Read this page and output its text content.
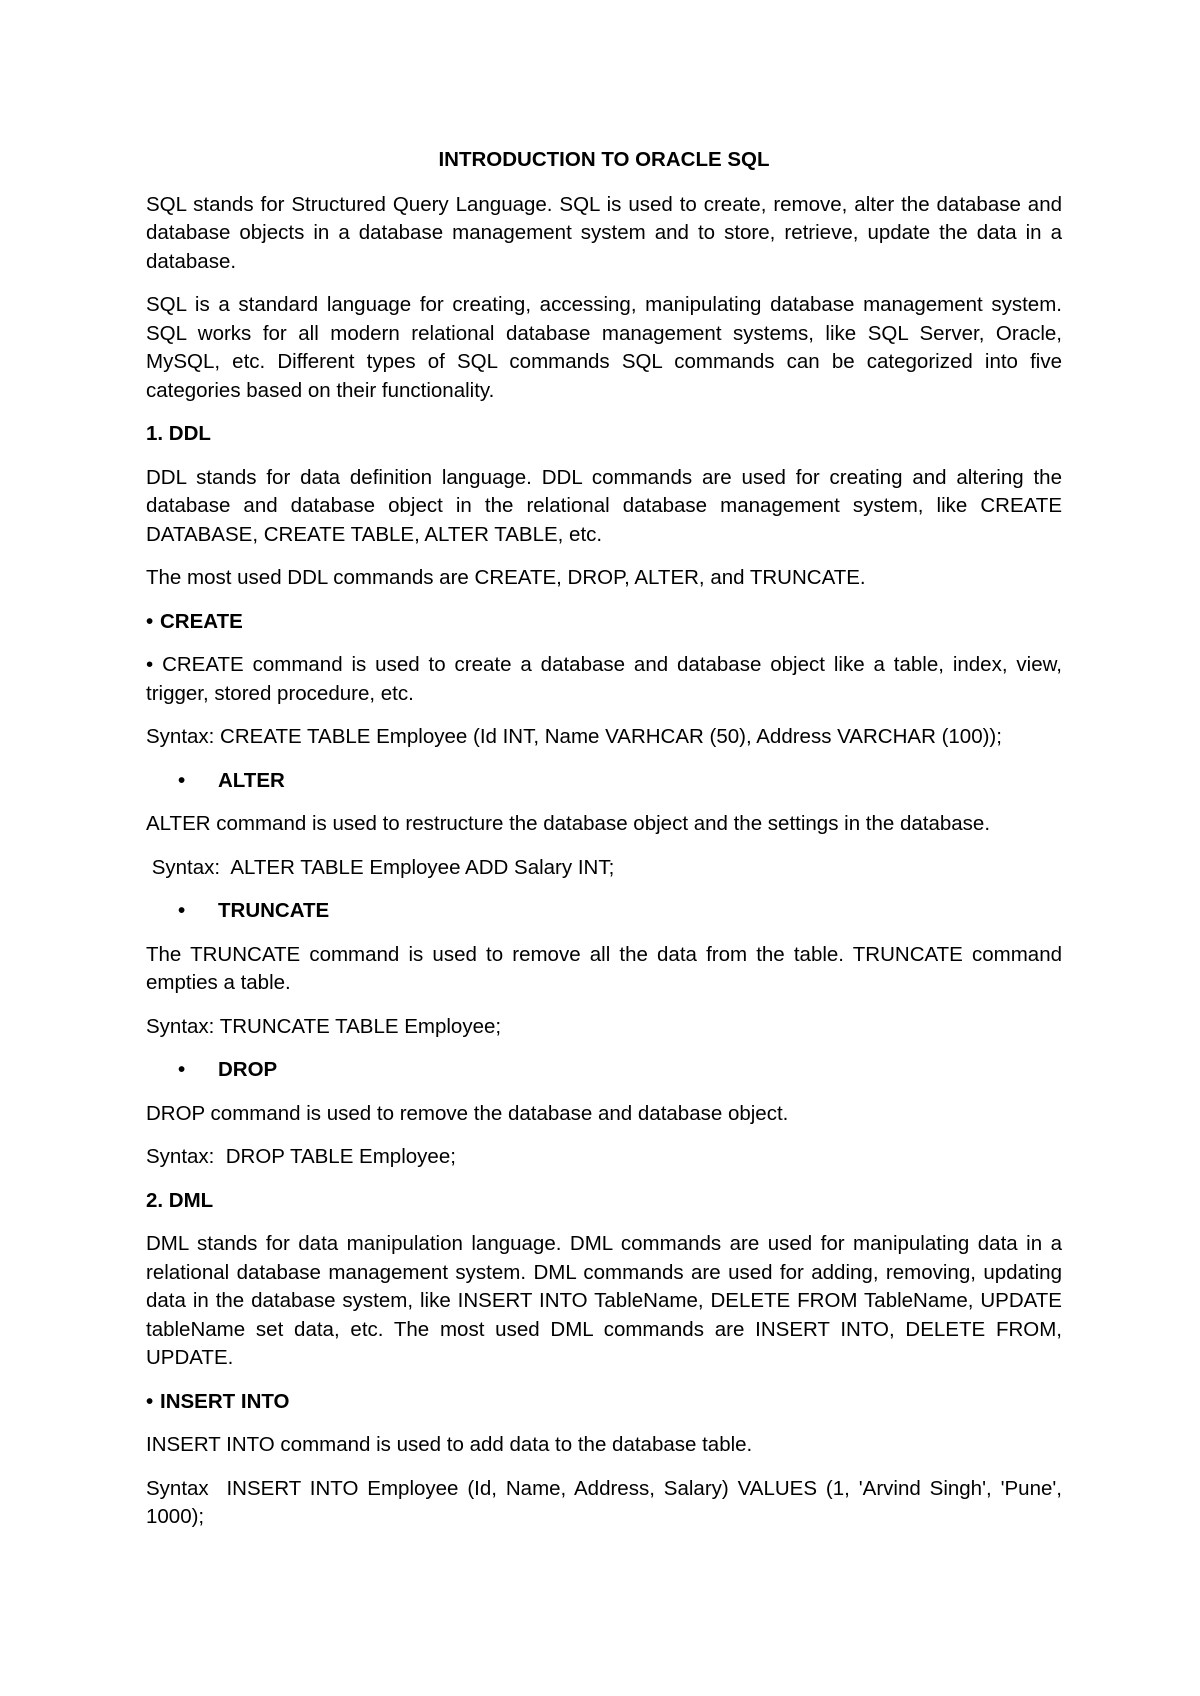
INTRODUCTION TO ORACLE SQL

SQL stands for Structured Query Language. SQL is used to create, remove, alter the database and database objects in a database management system and to store, retrieve, update the data in a database.

SQL is a standard language for creating, accessing, manipulating database management system. SQL works for all modern relational database management systems, like SQL Server, Oracle, MySQL, etc. Different types of SQL commands SQL commands can be categorized into five categories based on their functionality.

1. DDL

DDL stands for data definition language. DDL commands are used for creating and altering the database and database object in the relational database management system, like CREATE DATABASE, CREATE TABLE, ALTER TABLE, etc.

The most used DDL commands are CREATE, DROP, ALTER, and TRUNCATE.

• CREATE

• CREATE command is used to create a database and database object like a table, index, view, trigger, stored procedure, etc.

Syntax: CREATE TABLE Employee (Id INT, Name VARHCAR (50), Address VARCHAR (100));

• ALTER

ALTER command is used to restructure the database object and the settings in the database.

Syntax:  ALTER TABLE Employee ADD Salary INT;

• TRUNCATE

The TRUNCATE command is used to remove all the data from the table. TRUNCATE command empties a table.

Syntax: TRUNCATE TABLE Employee;

• DROP

DROP command is used to remove the database and database object.

Syntax:  DROP TABLE Employee;

2. DML

DML stands for data manipulation language. DML commands are used for manipulating data in a relational database management system. DML commands are used for adding, removing, updating data in the database system, like INSERT INTO TableName, DELETE FROM TableName, UPDATE tableName set data, etc. The most used DML commands are INSERT INTO, DELETE FROM, UPDATE.

• INSERT INTO

INSERT INTO command is used to add data to the database table.

Syntax  INSERT INTO Employee (Id, Name, Address, Salary) VALUES (1, 'Arvind Singh', 'Pune', 1000);
